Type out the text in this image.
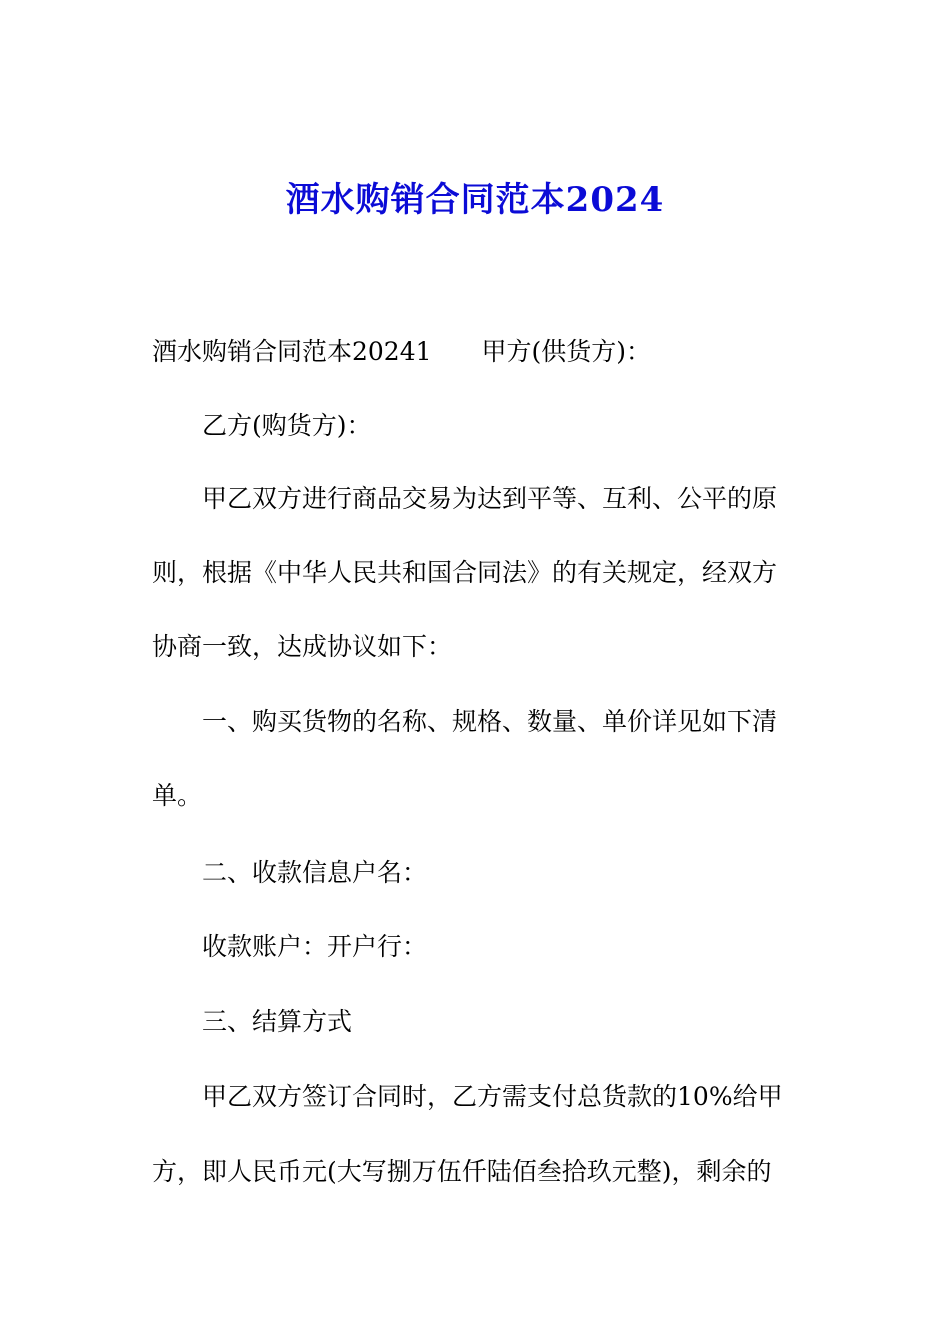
酒水购销合同范本2024
酒水购销合同范本20241 甲方(供货方)：
乙方(购货方)：
甲乙双方进行商品交易为达到平等、互利、公平的原
则，根据《中华人民共和国合同法》的有关规定，经双方
协商一致，达成协议如下：
一、购买货物的名称、规格、数量、单价详见如下清
单。
二、收款信息户名：
收款账户：开户行：
三、结算方式
甲乙双方签订合同时，乙方需支付总货款的10%给甲
方，即人民币元(大写捌万伍仟陆佰叁拾玖元整)，剩余的
